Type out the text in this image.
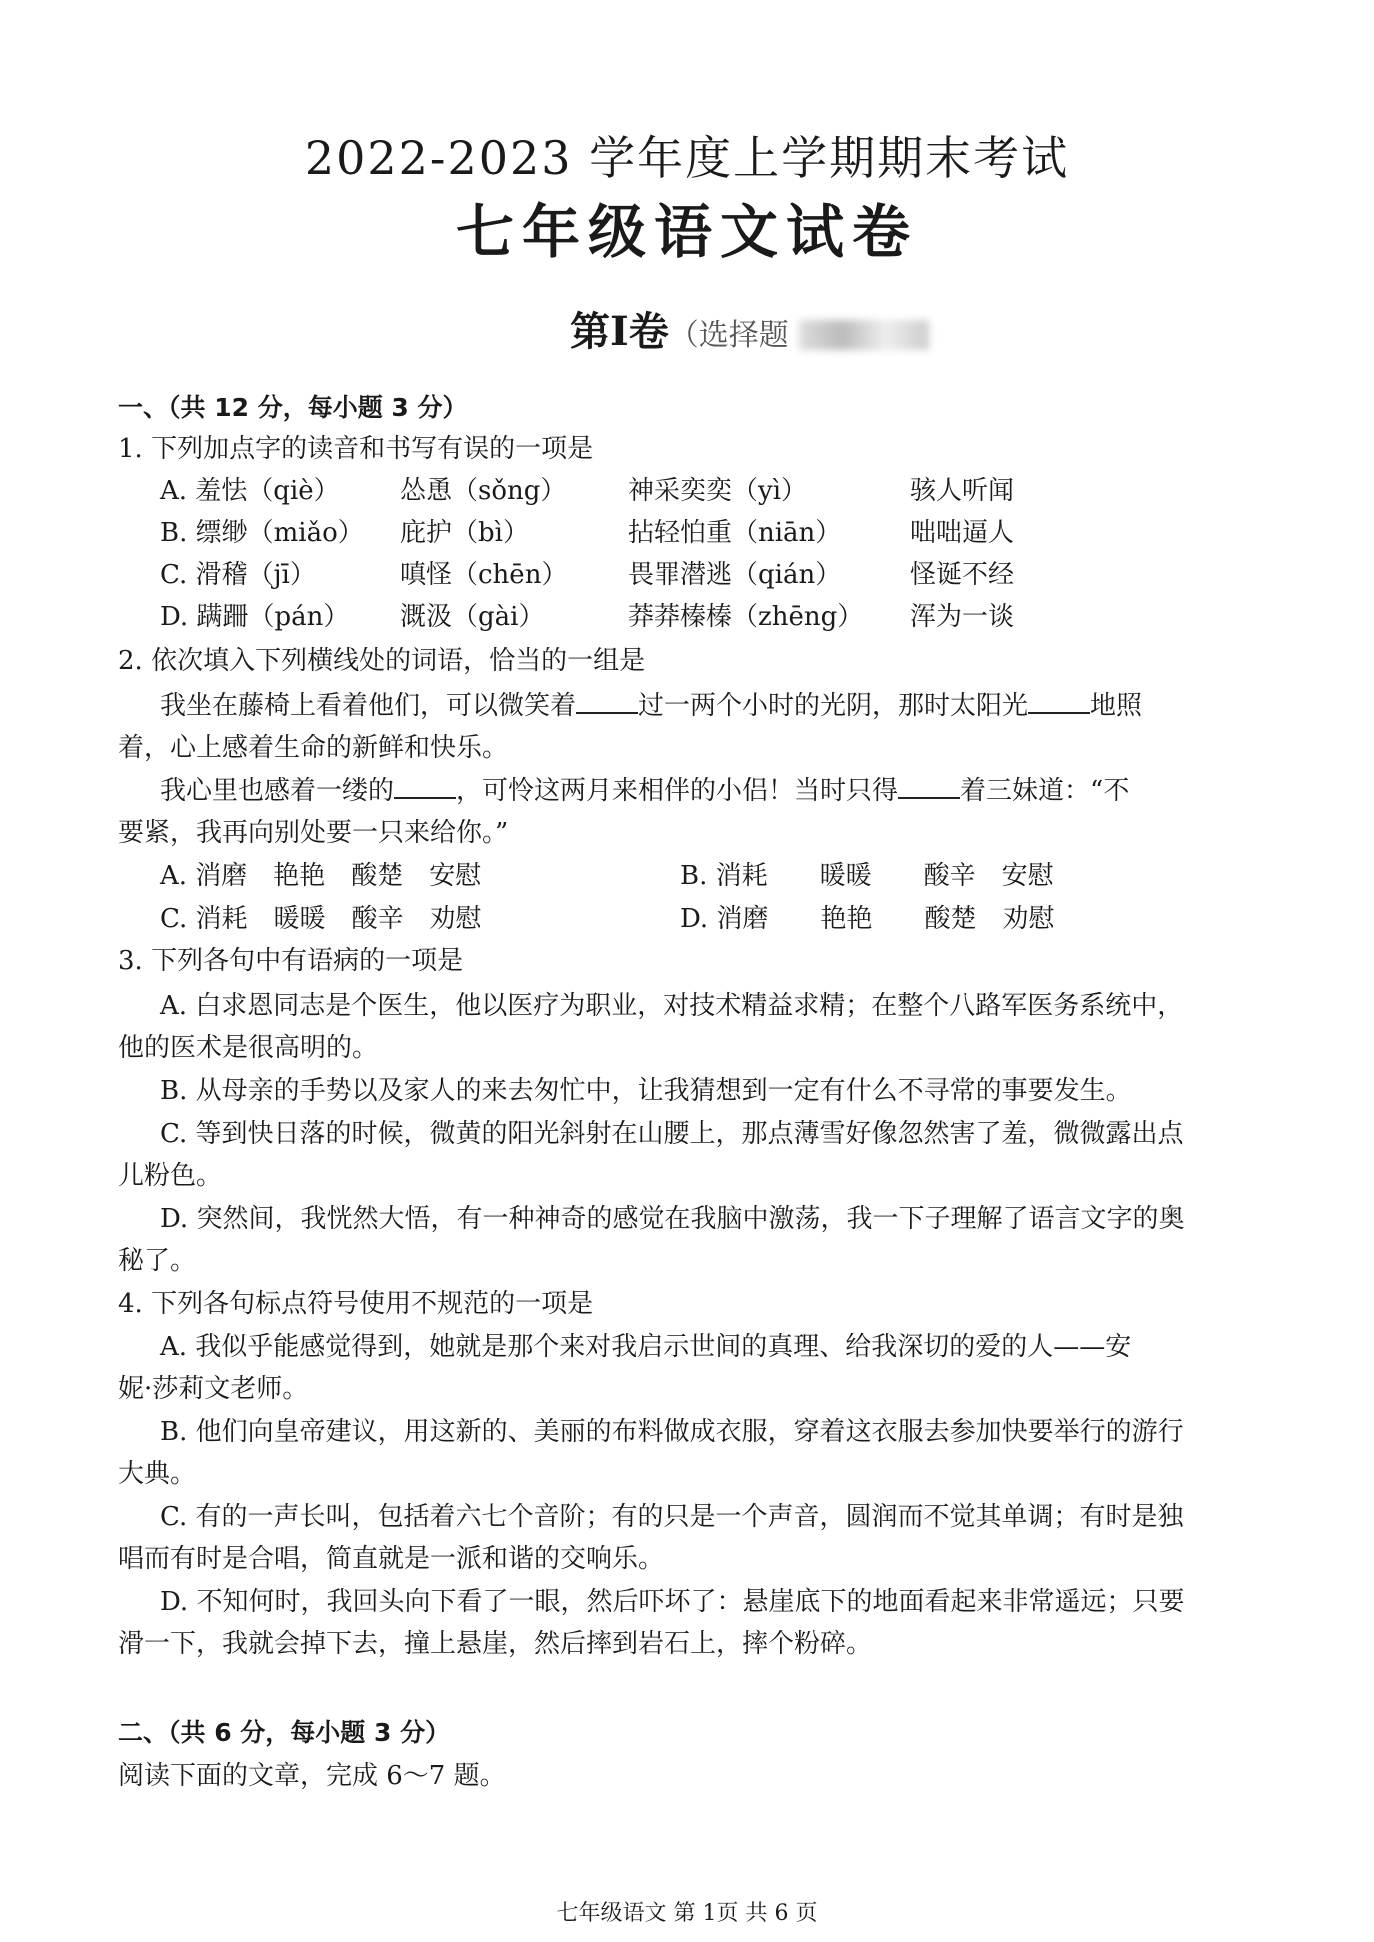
2022-2023 学年度上学期期末考试
七年级语文试卷
第Ⅰ卷（选择题
一、（共 12 分，每小题 3 分）
1. 下列加点字的读音和书写有误的一项是
A. 羞怯（qiè） 怂恿（sǒng） 神采奕奕（yì）	骇人听闻
B. 缥缈（miǎo） 庇护（bì）	拈轻怕重（niān）	咄咄逼人
C. 滑稽（jī）	嗔怪（chēn） 畏罪潜逃（qián）	怪诞不经
D. 蹒跚（pán） 溉汲（gài）	莽莽榛榛（zhēng） 浑为一谈
2. 依次填入下列横线处的词语，恰当的一组是
我坐在藤椅上看着他们，可以微笑着 过一两个小时的光阴，那时太阳光 地照
着，心上感着生命的新鲜和快乐。
我心里也感着一缕的 ，可怜这两月来相伴的小侣！当时只得 着三妹道：“不
要紧，我再向别处要一只来给你。”
A. 消磨　艳艳　酸楚　安慰	B. 消耗　　暖暖　　酸辛　安慰
C. 消耗　暖暖　酸辛　劝慰	D. 消磨　　艳艳　　酸楚　劝慰
3. 下列各句中有语病的一项是
A. 白求恩同志是个医生，他以医疗为职业，对技术精益求精；在整个八路军医务系统中，
他的医术是很高明的。
B. 从母亲的手势以及家人的来去匆忙中，让我猜想到一定有什么不寻常的事要发生。
C. 等到快日落的时候，微黄的阳光斜射在山腰上，那点薄雪好像忽然害了羞，微微露出点
儿粉色。
D. 突然间，我恍然大悟，有一种神奇的感觉在我脑中激荡，我一下子理解了语言文字的奥
秘了。
4. 下列各句标点符号使用不规范的一项是
A. 我似乎能感觉得到，她就是那个来对我启示世间的真理、给我深切的爱的人——安
妮·莎莉文老师。
B. 他们向皇帝建议，用这新的、美丽的布料做成衣服，穿着这衣服去参加快要举行的游行
大典。
C. 有的一声长叫，包括着六七个音阶；有的只是一个声音，圆润而不觉其单调；有时是独
唱而有时是合唱，简直就是一派和谐的交响乐。
D. 不知何时，我回头向下看了一眼，然后吓坏了：悬崖底下的地面看起来非常遥远；只要
滑一下，我就会掉下去，撞上悬崖，然后摔到岩石上，摔个粉碎。
二、（共 6 分，每小题 3 分）
阅读下面的文章，完成 6～7 题。
七年级语文 第 1页 共 6 页
